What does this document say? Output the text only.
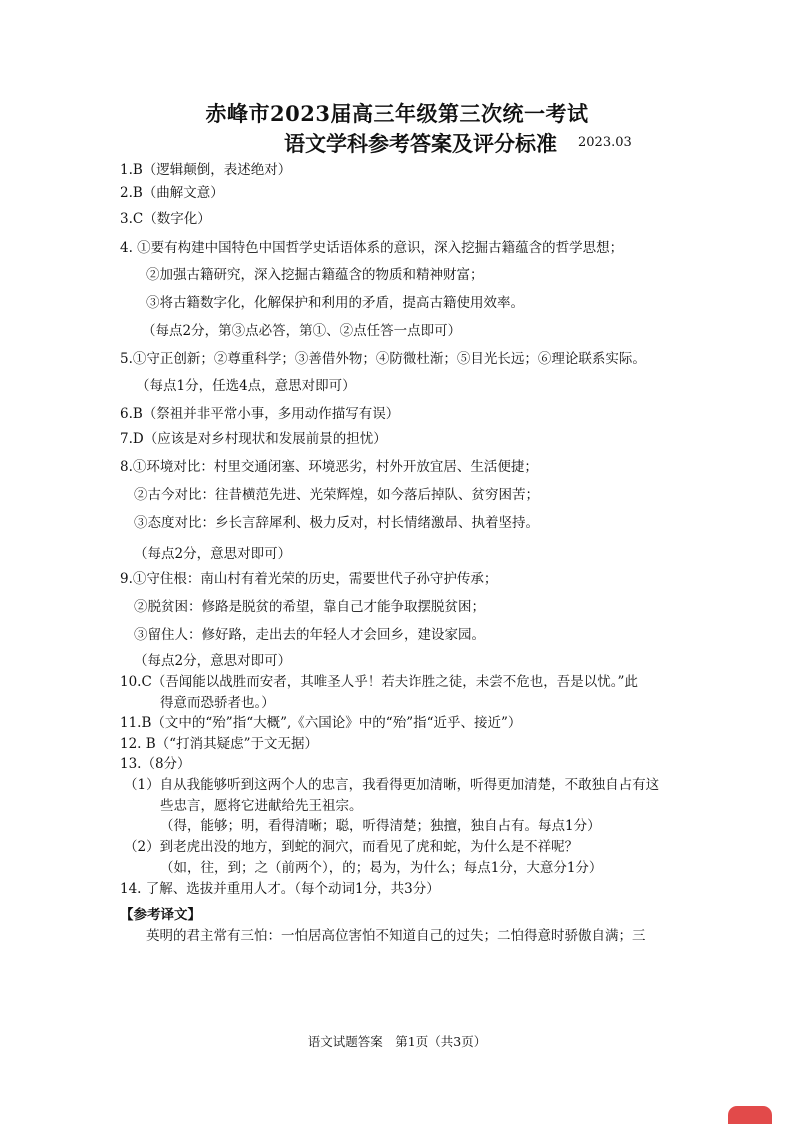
赤峰市2023届高三年级第三次统一考试
语文学科参考答案及评分标准 2023.03
1.B（逻辑颠倒，表述绝对）
2.B（曲解文意）
3.C（数字化）
4. ①要有构建中国特色中国哲学史话语体系的意识，深入挖掘古籍蕴含的哲学思想；
②加强古籍研究，深入挖掘古籍蕴含的物质和精神财富；
③将古籍数字化，化解保护和利用的矛盾，提高古籍使用效率。
（每点2分，第③点必答，第①、②点任答一点即可）
5.①守正创新；②尊重科学；③善借外物；④防微杜渐；⑤目光长远；⑥理论联系实际。
（每点1分，任选4点，意思对即可）
6.B（祭祖并非平常小事，多用动作描写有误）
7.D（应该是对乡村现状和发展前景的担忧）
8.①环境对比：村里交通闭塞、环境恶劣，村外开放宜居、生活便捷；
②古今对比：往昔横范先进、光荣辉煌，如今落后掉队、贫穷困苦；
③态度对比：乡长言辞犀利、极力反对，村长情绪激昂、执着坚持。
（每点2分，意思对即可）
9.①守住根：南山村有着光荣的历史，需要世代子孙守护传承；
②脱贫困：修路是脱贫的希望，靠自己才能争取摆脱贫困；
③留住人：修好路，走出去的年轻人才会回乡，建设家园。
（每点2分，意思对即可）
10.C（吾闻能以战胜而安者，其唯圣人乎！若夫诈胜之徒，未尝不危也，吾是以忧。”此
得意而恐骄者也。）
11.B（文中的“殆”指“大概”,《六国论》中的“殆”指“近乎、接近”）
12. B（“打消其疑虑”于文无据）
13.（8分）
（1）自从我能够听到这两个人的忠言，我看得更加清晰，听得更加清楚，不敢独自占有这
些忠言，愿将它进献给先王祖宗。
（得，能够；明，看得清晰；聪，听得清楚；独擅，独自占有。每点1分）
（2）到老虎出没的地方，到蛇的洞穴，而看见了虎和蛇，为什么是不祥呢？
（如，往，到；之（前两个），的；曷为，为什么；每点1分，大意分1分）
14. 了解、选拔并重用人才。（每个动词1分，共3分）
【参考译文】
英明的君主常有三怕：一怕居高位害怕不知道自己的过失；二怕得意时骄傲自满；三
语文试题答案　第1页（共3页）
